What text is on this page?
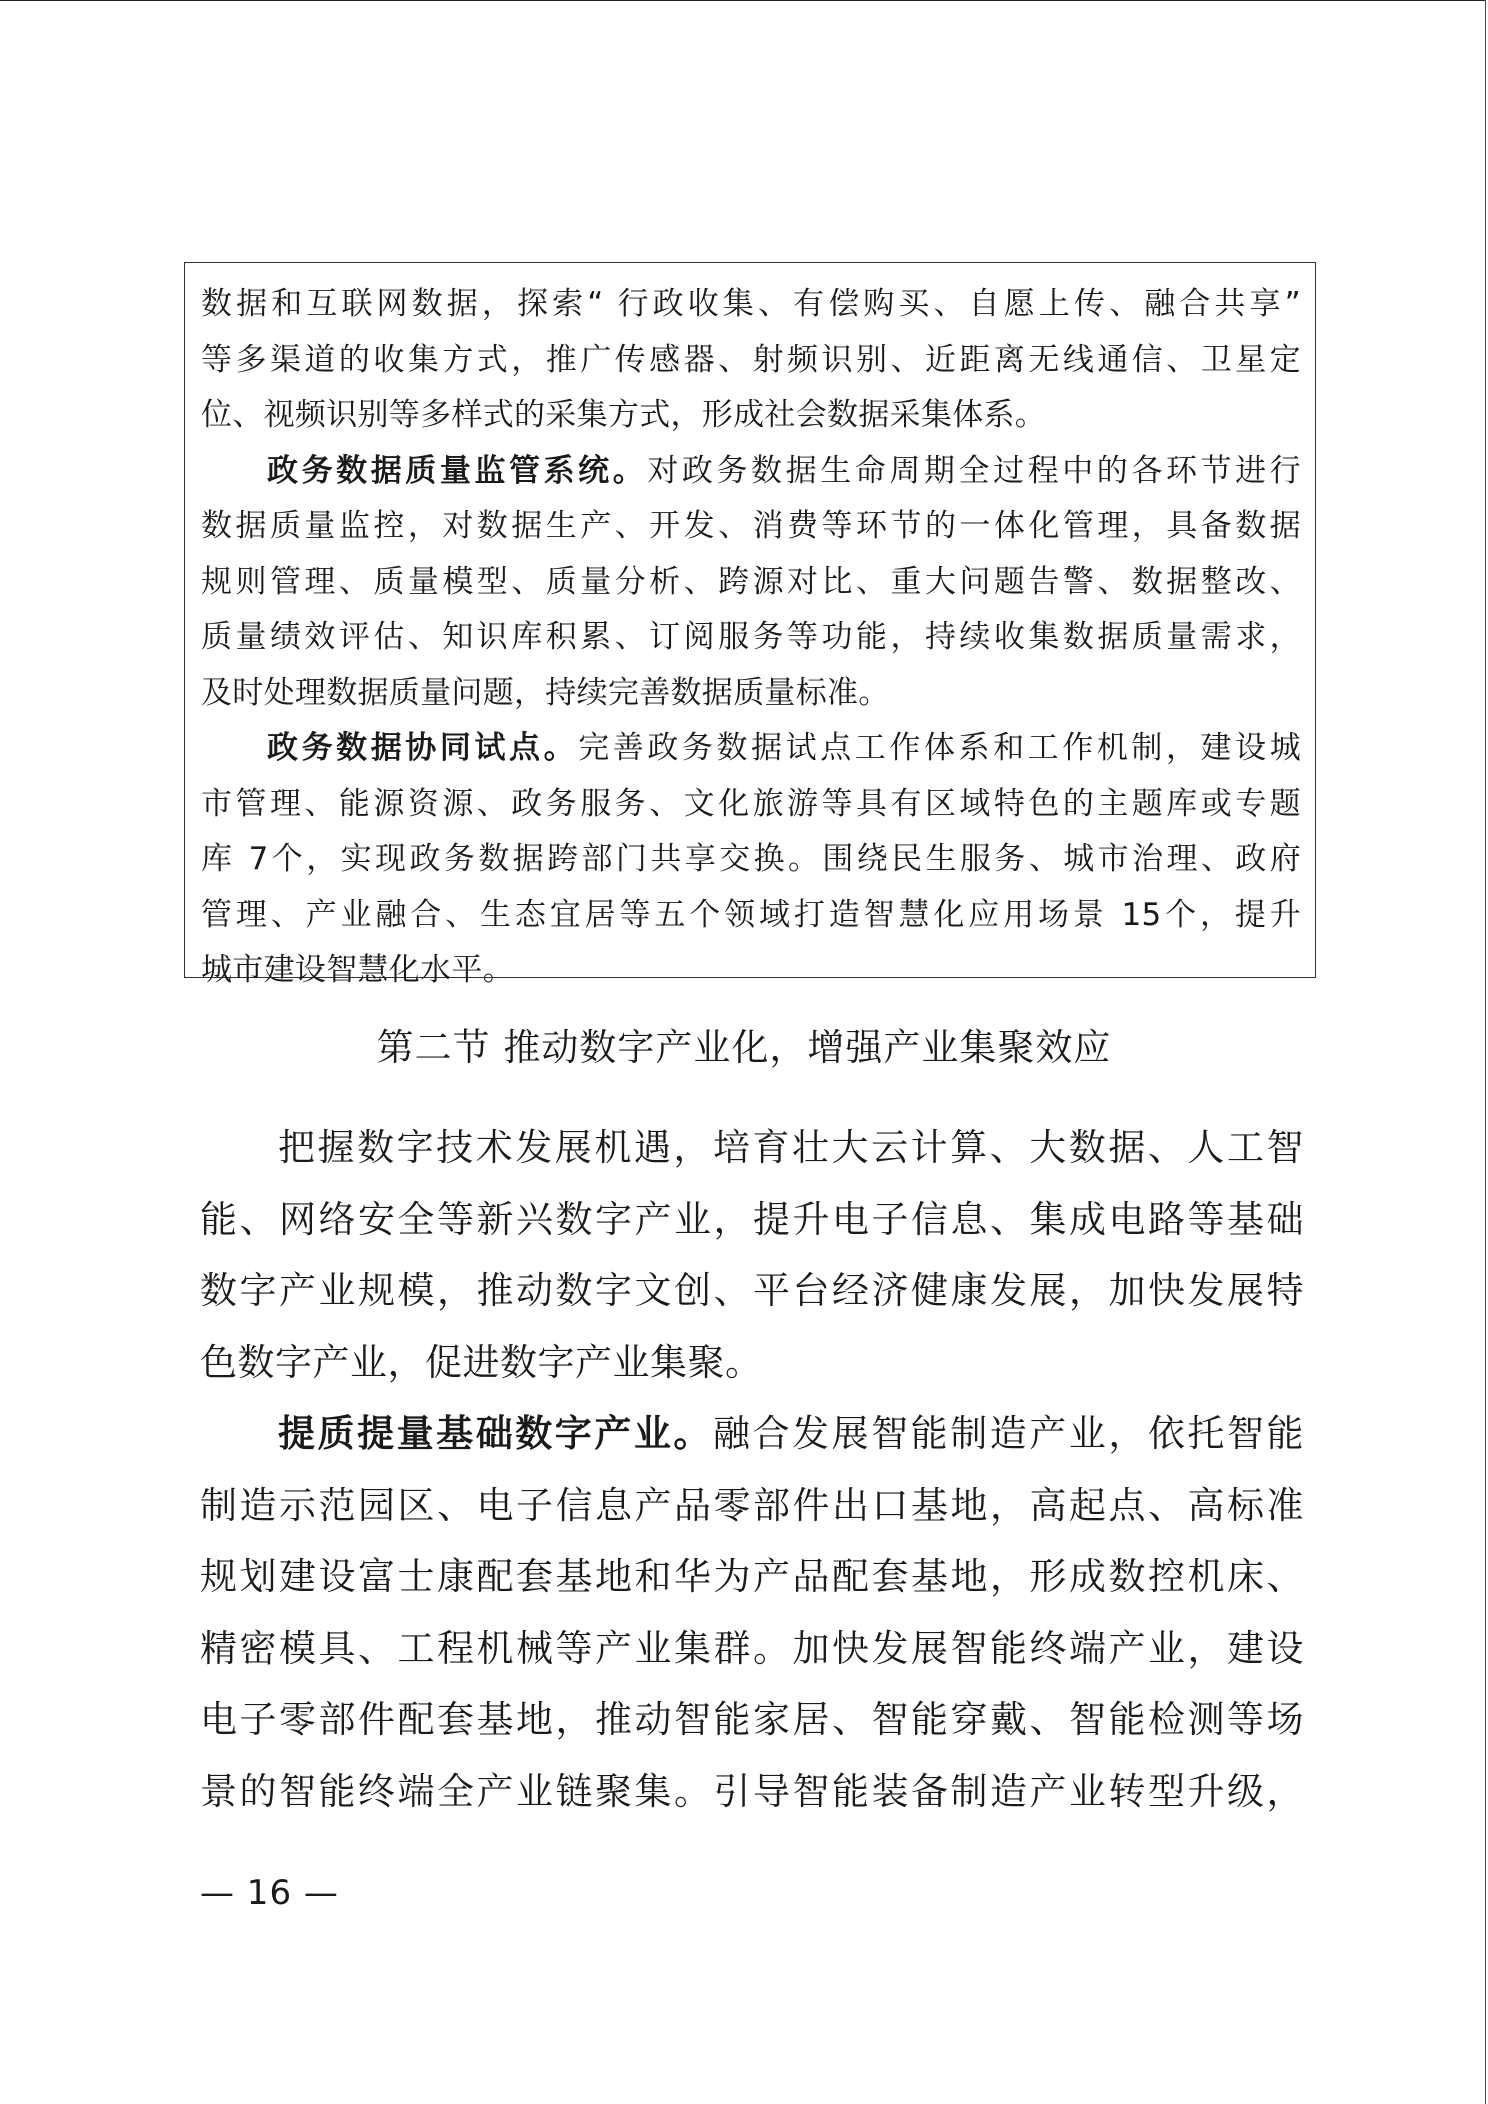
数据和互联网数据，探索“ 行政收集、有偿购买、自愿上传、融合共享”
等多渠道的收集方式，推广传感器、射频识别、近距离无线通信、卫星定
位、视频识别等多样式的采集方式，形成社会数据采集体系。
政务数据质量监管系统。对政务数据生命周期全过程中的各环节进行
数据质量监控，对数据生产、开发、消费等环节的一体化管理，具备数据
规则管理、质量模型、质量分析、跨源对比、重大问题告警、数据整改、
质量绩效评估、知识库积累、订阅服务等功能，持续收集数据质量需求，
及时处理数据质量问题，持续完善数据质量标准。
政务数据协同试点。完善政务数据试点工作体系和工作机制，建设城
市管理、能源资源、政务服务、文化旅游等具有区域特色的主题库或专题
库 7个，实现政务数据跨部门共享交换。围绕民生服务、城市治理、政府
管理、产业融合、生态宜居等五个领域打造智慧化应用场景 15个，提升
城市建设智慧化水平。
第二节 推动数字产业化，增强产业集聚效应
把握数字技术发展机遇，培育壮大云计算、大数据、人工智
能、网络安全等新兴数字产业，提升电子信息、集成电路等基础
数字产业规模，推动数字文创、平台经济健康发展，加快发展特
色数字产业，促进数字产业集聚。
提质提量基础数字产业。融合发展智能制造产业，依托智能
制造示范园区、电子信息产品零部件出口基地，高起点、高标准
规划建设富士康配套基地和华为产品配套基地，形成数控机床、
精密模具、工程机械等产业集群。加快发展智能终端产业，建设
电子零部件配套基地，推动智能家居、智能穿戴、智能检测等场
景的智能终端全产业链聚集。引导智能装备制造产业转型升级，
— 16 —
